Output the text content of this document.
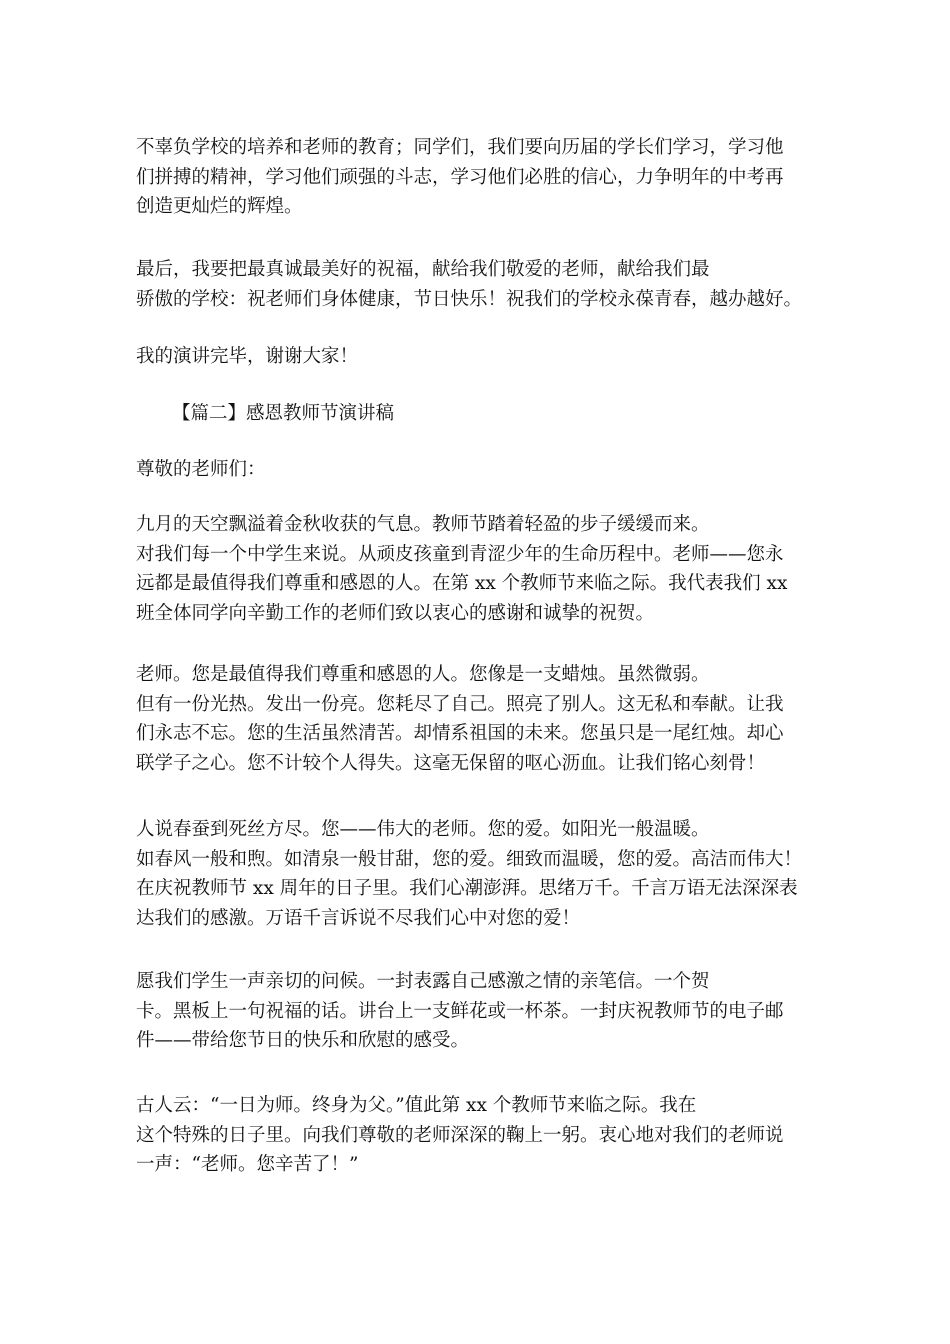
不辜负学校的培养和老师的教育；同学们，我们要向历届的学长们学习，学习他
们拼搏的精神，学习他们顽强的斗志，学习他们必胜的信心，力争明年的中考再
创造更灿烂的辉煌。
最后，我要把最真诚最美好的祝福，献给我们敬爱的老师，献给我们最
骄傲的学校：祝老师们身体健康，节日快乐！祝我们的学校永葆青春，越办越好。
我的演讲完毕，谢谢大家！
【篇二】感恩教师节演讲稿
尊敬的老师们：
九月的天空飘溢着金秋收获的气息。教师节踏着轻盈的步子缓缓而来。
对我们每一个中学生来说。从顽皮孩童到青涩少年的生命历程中。老师——您永
远都是最值得我们尊重和感恩的人。在第 xx 个教师节来临之际。我代表我们 xx
班全体同学向辛勤工作的老师们致以衷心的感谢和诚挚的祝贺。
老师。您是最值得我们尊重和感恩的人。您像是一支蜡烛。虽然微弱。
但有一份光热。发出一份亮。您耗尽了自己。照亮了别人。这无私和奉献。让我
们永志不忘。您的生活虽然清苦。却情系祖国的未来。您虽只是一尾红烛。却心
联学子之心。您不计较个人得失。这毫无保留的呕心沥血。让我们铭心刻骨！
人说春蚕到死丝方尽。您——伟大的老师。您的爱。如阳光一般温暖。
如春风一般和煦。如清泉一般甘甜，您的爱。细致而温暖，您的爱。高洁而伟大！
在庆祝教师节 xx 周年的日子里。我们心潮澎湃。思绪万千。千言万语无法深深表
达我们的感激。万语千言诉说不尽我们心中对您的爱！
愿我们学生一声亲切的问候。一封表露自己感激之情的亲笔信。一个贺
卡。黑板上一句祝福的话。讲台上一支鲜花或一杯茶。一封庆祝教师节的电子邮
件——带给您节日的快乐和欣慰的感受。
古人云：“一日为师。终身为父。”值此第 xx 个教师节来临之际。我在
这个特殊的日子里。向我们尊敬的老师深深的鞠上一躬。衷心地对我们的老师说
一声：“老师。您辛苦了！”
